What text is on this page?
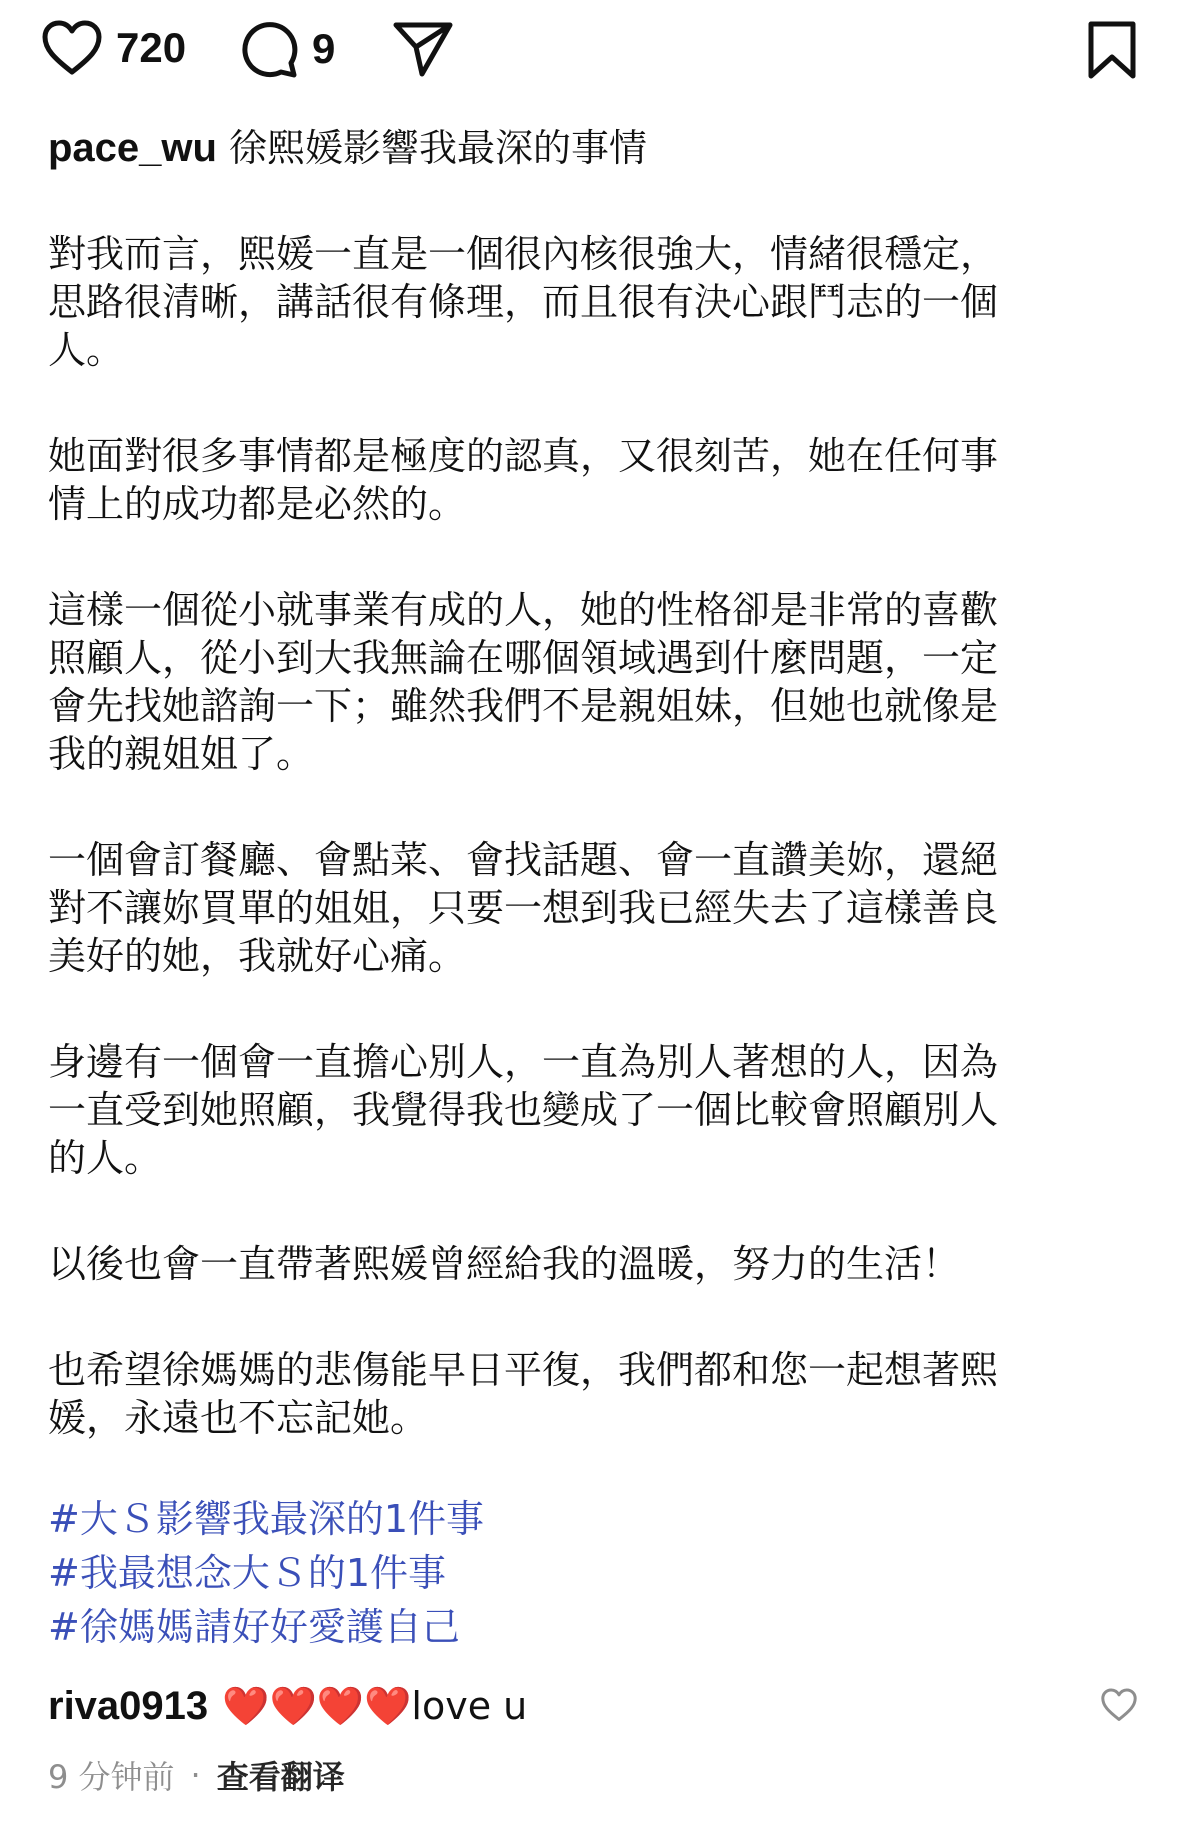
720	9

pace_wu 徐熙媛影響我最深的事情

對我而言，熙媛一直是一個很內核很強大，情緒很穩定，
思路很清晰，講話很有條理，而且很有決心跟鬥志的一個
人。

她面對很多事情都是極度的認真，又很刻苦，她在任何事
情上的成功都是必然的。

這樣一個從小就事業有成的人，她的性格卻是非常的喜歡
照顧人，從小到大我無論在哪個領域遇到什麼問題，一定
會先找她諮詢一下；雖然我們不是親姐妹，但她也就像是
我的親姐姐了。

一個會訂餐廳、會點菜、會找話題、會一直讚美妳，還絕
對不讓妳買單的姐姐，只要一想到我已經失去了這樣善良
美好的她，我就好心痛。

身邊有一個會一直擔心別人，一直為別人著想的人，因為
一直受到她照顧，我覺得我也變成了一個比較會照顧別人
的人。

以後也會一直帶著熙媛曾經給我的溫暖，努力的生活！

也希望徐媽媽的悲傷能早日平復，我們都和您一起想著熙
媛，永遠也不忘記她。

#大Ｓ影響我最深的1件事
#我最想念大Ｓ的1件事
#徐媽媽請好好愛護自己
riva0913 ❤️❤️❤️❤️love u
9 分钟前 · 查看翻译
